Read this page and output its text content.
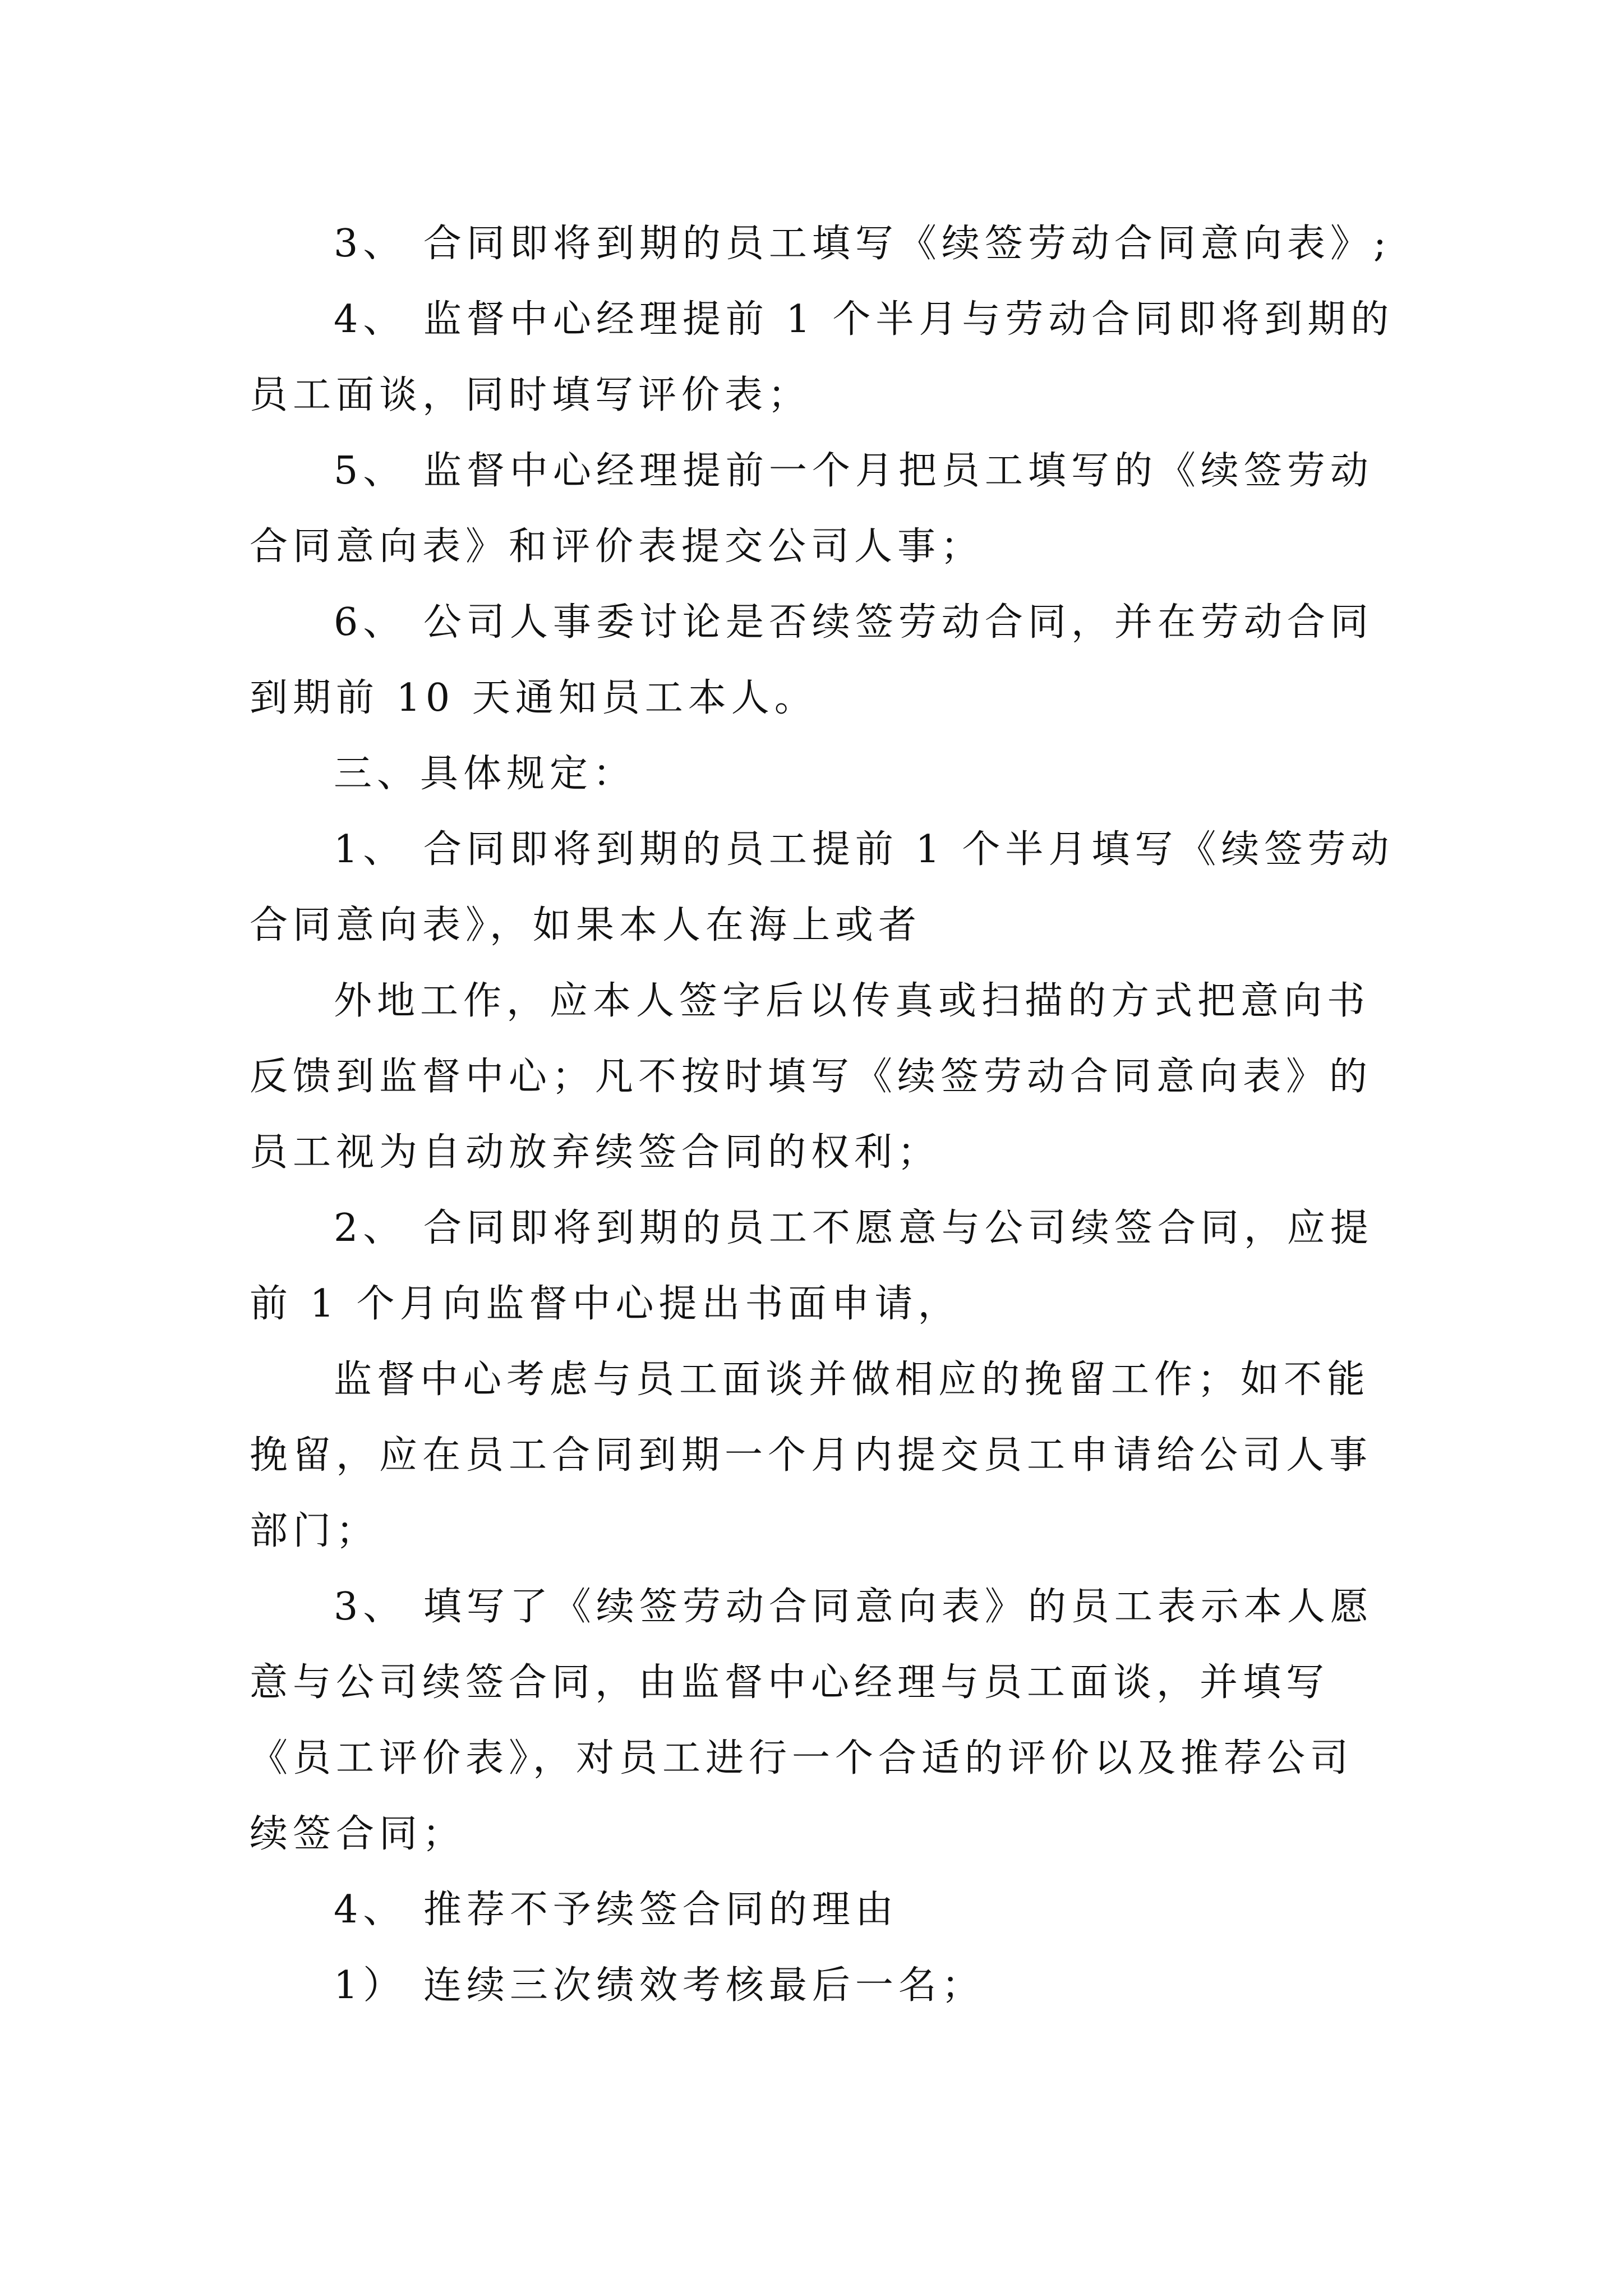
3、 合同即将到期的员工填写《续签劳动合同意向表》;
4、 监督中心经理提前 1 个半月与劳动合同即将到期的
员工面谈，同时填写评价表；
5、 监督中心经理提前一个月把员工填写的《续签劳动
合同意向表》和评价表提交公司人事；
6、 公司人事委讨论是否续签劳动合同，并在劳动合同
到期前 10 天通知员工本人。
三、具体规定：
1、 合同即将到期的员工提前 1 个半月填写《续签劳动
合同意向表》，如果本人在海上或者
外地工作，应本人签字后以传真或扫描的方式把意向书
反馈到监督中心；凡不按时填写《续签劳动合同意向表》的
员工视为自动放弃续签合同的权利；
2、 合同即将到期的员工不愿意与公司续签合同，应提
前 1 个月向监督中心提出书面申请，
监督中心考虑与员工面谈并做相应的挽留工作；如不能
挽留，应在员工合同到期一个月内提交员工申请给公司人事
部门；
3、 填写了《续签劳动合同意向表》的员工表示本人愿
意与公司续签合同，由监督中心经理与员工面谈，并填写
《员工评价表》，对员工进行一个合适的评价以及推荐公司
续签合同；
4、 推荐不予续签合同的理由
1） 连续三次绩效考核最后一名；
